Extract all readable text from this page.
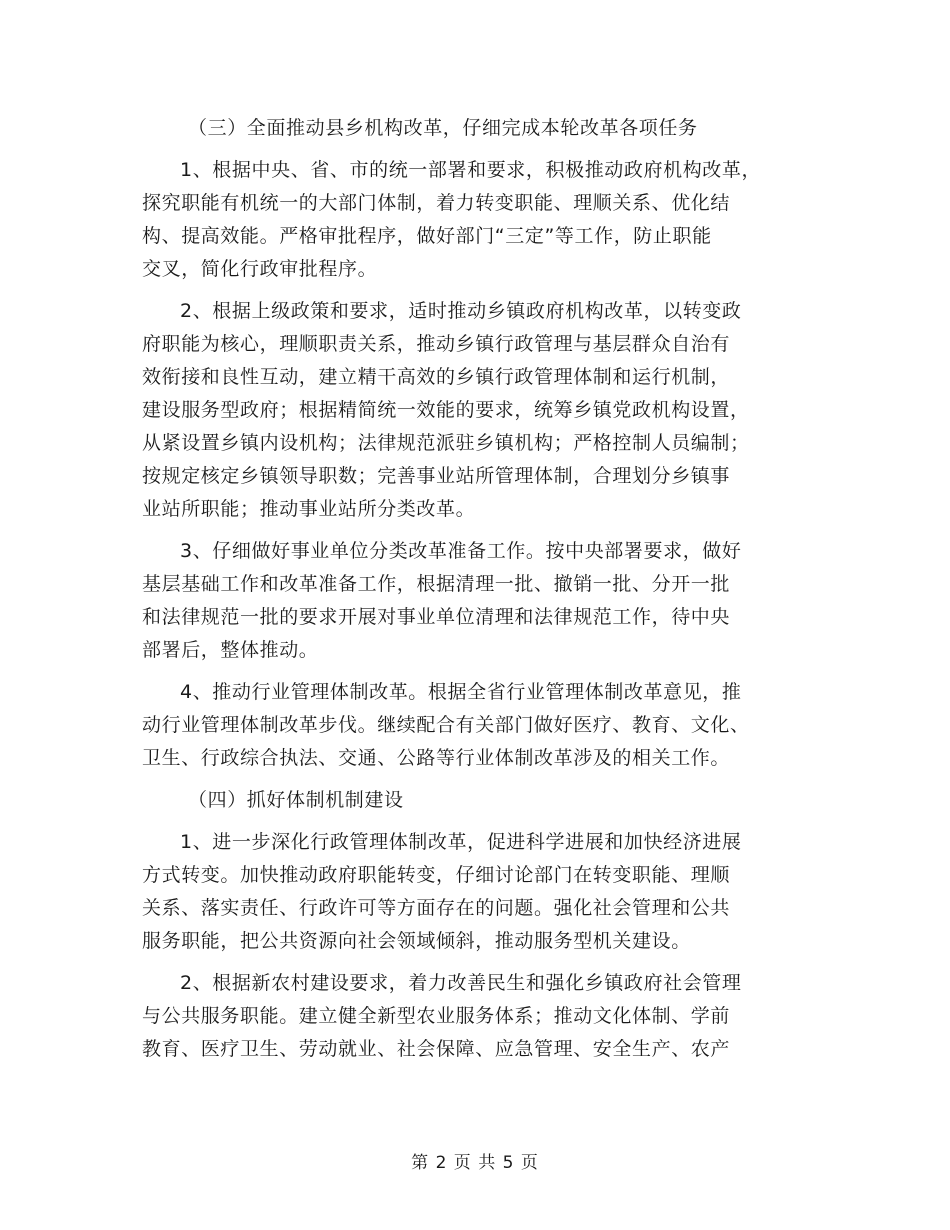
（三）全面推动县乡机构改革，仔细完成本轮改革各项任务
1、根据中央、省、市的统一部署和要求，积极推动政府机构改革，
探究职能有机统一的大部门体制，着力转变职能、理顺关系、优化结
构、提高效能。严格审批程序，做好部门“三定”等工作，防止职能
交叉，简化行政审批程序。
2、根据上级政策和要求，适时推动乡镇政府机构改革，以转变政
府职能为核心，理顺职责关系，推动乡镇行政管理与基层群众自治有
效衔接和良性互动，建立精干高效的乡镇行政管理体制和运行机制，
建设服务型政府；根据精简统一效能的要求，统筹乡镇党政机构设置，
从紧设置乡镇内设机构；法律规范派驻乡镇机构；严格控制人员编制；
按规定核定乡镇领导职数；完善事业站所管理体制，合理划分乡镇事
业站所职能；推动事业站所分类改革。
3、仔细做好事业单位分类改革准备工作。按中央部署要求，做好
基层基础工作和改革准备工作，根据清理一批、撤销一批、分开一批
和法律规范一批的要求开展对事业单位清理和法律规范工作，待中央
部署后，整体推动。
4、推动行业管理体制改革。根据全省行业管理体制改革意见，推
动行业管理体制改革步伐。继续配合有关部门做好医疗、教育、文化、
卫生、行政综合执法、交通、公路等行业体制改革涉及的相关工作。
（四）抓好体制机制建设
1、进一步深化行政管理体制改革，促进科学进展和加快经济进展
方式转变。加快推动政府职能转变，仔细讨论部门在转变职能、理顺
关系、落实责任、行政许可等方面存在的问题。强化社会管理和公共
服务职能，把公共资源向社会领域倾斜，推动服务型机关建设。
2、根据新农村建设要求，着力改善民生和强化乡镇政府社会管理
与公共服务职能。建立健全新型农业服务体系；推动文化体制、学前
教育、医疗卫生、劳动就业、社会保障、应急管理、安全生产、农产
第 2 页 共 5 页
